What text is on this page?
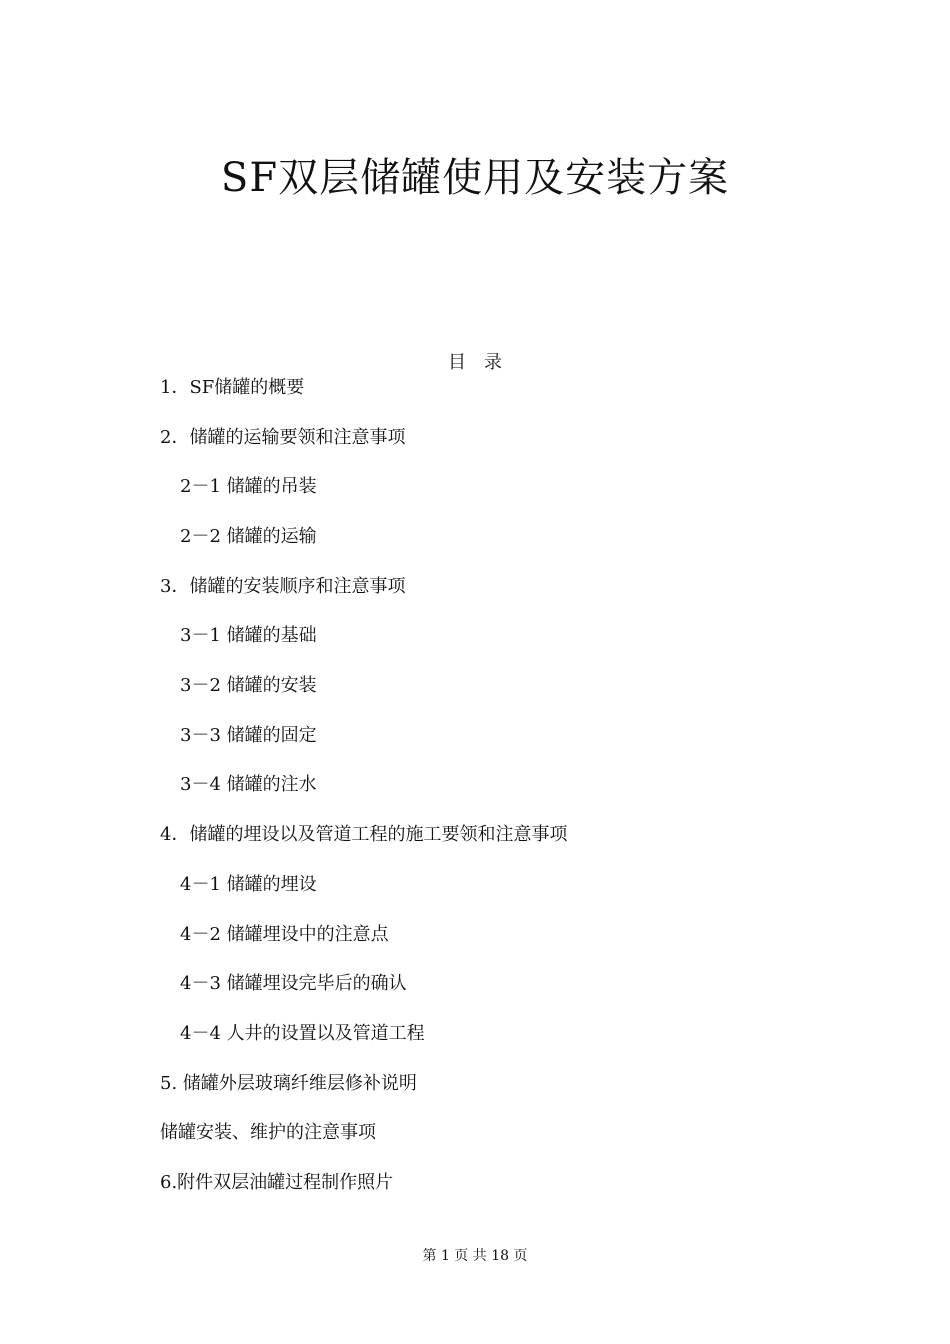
SF双层储罐使用及安装方案
目　录
1．SF储罐的概要
2．储罐的运输要领和注意事项
2－1 储罐的吊装
2－2 储罐的运输
3．储罐的安装顺序和注意事项
3－1 储罐的基础
3－2 储罐的安装
3－3 储罐的固定
3－4 储罐的注水
4．储罐的埋设以及管道工程的施工要领和注意事项
4－1 储罐的埋设
4－2 储罐埋设中的注意点
4－3 储罐埋设完毕后的确认
4－4 人井的设置以及管道工程
5. 储罐外层玻璃纤维层修补说明
储罐安装、维护的注意事项
6.附件双层油罐过程制作照片
第 1 页 共 18 页
